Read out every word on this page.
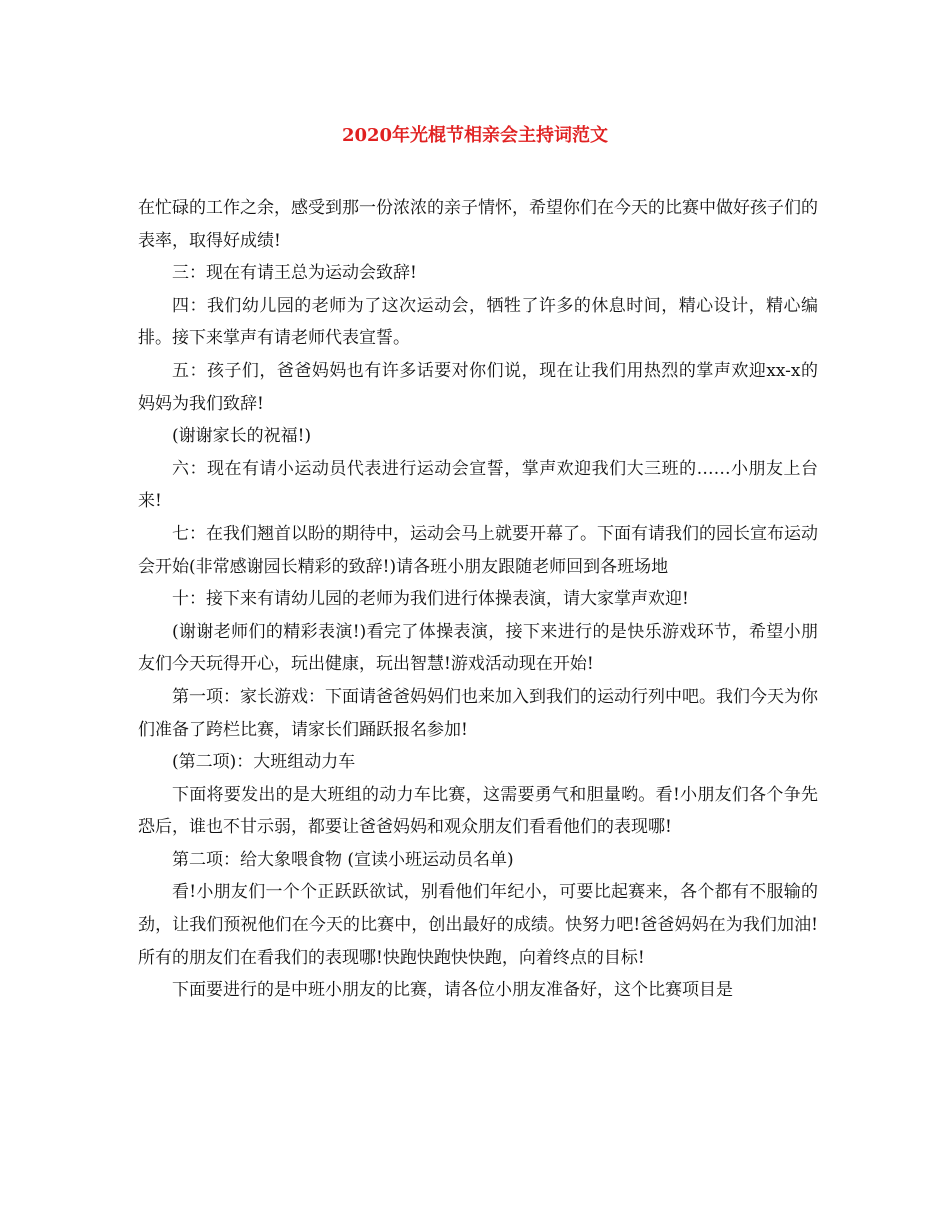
2020年光棍节相亲会主持词范文

在忙碌的工作之余，感受到那一份浓浓的亲子情怀，希望你们在今天的比赛中做好孩子们的表率，取得好成绩!

三：现在有请王总为运动会致辞!

四：我们幼儿园的老师为了这次运动会，牺牲了许多的休息时间，精心设计，精心编排。接下来掌声有请老师代表宣誓。

五：孩子们，爸爸妈妈也有许多话要对你们说，现在让我们用热烈的掌声欢迎xx-x的妈妈为我们致辞!

(谢谢家长的祝福!)

六：现在有请小运动员代表进行运动会宣誓，掌声欢迎我们大三班的……小朋友上台来!

七：在我们翘首以盼的期待中，运动会马上就要开幕了。下面有请我们的园长宣布运动会开始(非常感谢园长精彩的致辞!)请各班小朋友跟随老师回到各班场地

十：接下来有请幼儿园的老师为我们进行体操表演，请大家掌声欢迎!

(谢谢老师们的精彩表演!)看完了体操表演，接下来进行的是快乐游戏环节，希望小朋友们今天玩得开心，玩出健康，玩出智慧!游戏活动现在开始!

第一项：家长游戏：下面请爸爸妈妈们也来加入到我们的运动行列中吧。我们今天为你们准备了跨栏比赛，请家长们踊跃报名参加!

(第二项)：大班组动力车

下面将要发出的是大班组的动力车比赛，这需要勇气和胆量哟。看!小朋友们各个争先恐后，谁也不甘示弱，都要让爸爸妈妈和观众朋友们看看他们的表现哪!

第二项：给大象喂食物 (宣读小班运动员名单)

看!小朋友们一个个正跃跃欲试，别看他们年纪小，可要比起赛来，各个都有不服输的劲，让我们预祝他们在今天的比赛中，创出最好的成绩。快努力吧!爸爸妈妈在为我们加油!所有的朋友们在看我们的表现哪!快跑快跑快快跑，向着终点的目标!

下面要进行的是中班小朋友的比赛，请各位小朋友准备好，这个比赛项目是
